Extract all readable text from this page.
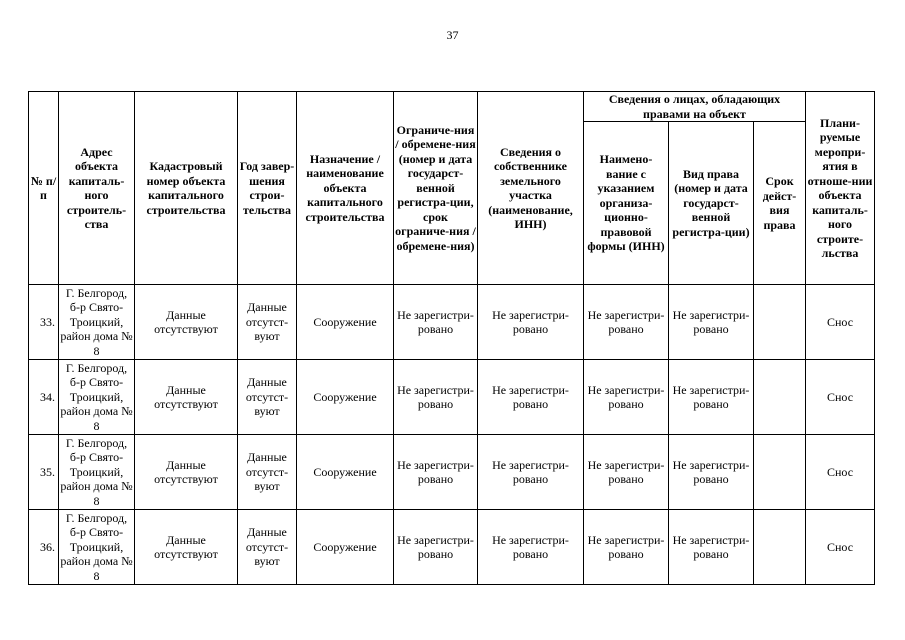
37
№ п/п	Адрес объекта капиталь-ного строитель-ства	Кадастровый номер объекта капитального строительства	Год завер-шения строи-тельства	Назначение / наименование объекта капитального строительства	Ограниче-ния / обремене-ния (номер и дата государст-венной регистра-ции, срок ограниче-ния / обремене-ния)	Сведения о собственнике земельного участка (наименование, ИНН)	Сведения о лицах, обладающих правами на объект			Плани-руемые меропри-ятия в отноше-нии объекта капиталь-ного строите-льства
							Наимено-вание с указанием организа-ционно-правовой формы (ИНН)	Вид права (номер и дата государст-венной регистра-ции)	Срок дейст-вия права	
33.	Г. Белгород, б-р Свято-Троицкий, район дома № 8	Данные отсутствуют	Данные отсутст-вуют	Сооружение	Не зарегистри-ровано	Не зарегистри-ровано	Не зарегистри-ровано	Не зарегистри-ровано		Снос
34.	Г. Белгород, б-р Свято-Троицкий, район дома № 8	Данные отсутствуют	Данные отсутст-вуют	Сооружение	Не зарегистри-ровано	Не зарегистри-ровано	Не зарегистри-ровано	Не зарегистри-ровано		Снос
35.	Г. Белгород, б-р Свято-Троицкий, район дома № 8	Данные отсутствуют	Данные отсутст-вуют	Сооружение	Не зарегистри-ровано	Не зарегистри-ровано	Не зарегистри-ровано	Не зарегистри-ровано		Снос
36.	Г. Белгород, б-р Свято-Троицкий, район дома № 8	Данные отсутствуют	Данные отсутст-вуют	Сооружение	Не зарегистри-ровано	Не зарегистри-ровано	Не зарегистри-ровано	Не зарегистри-ровано		Снос
